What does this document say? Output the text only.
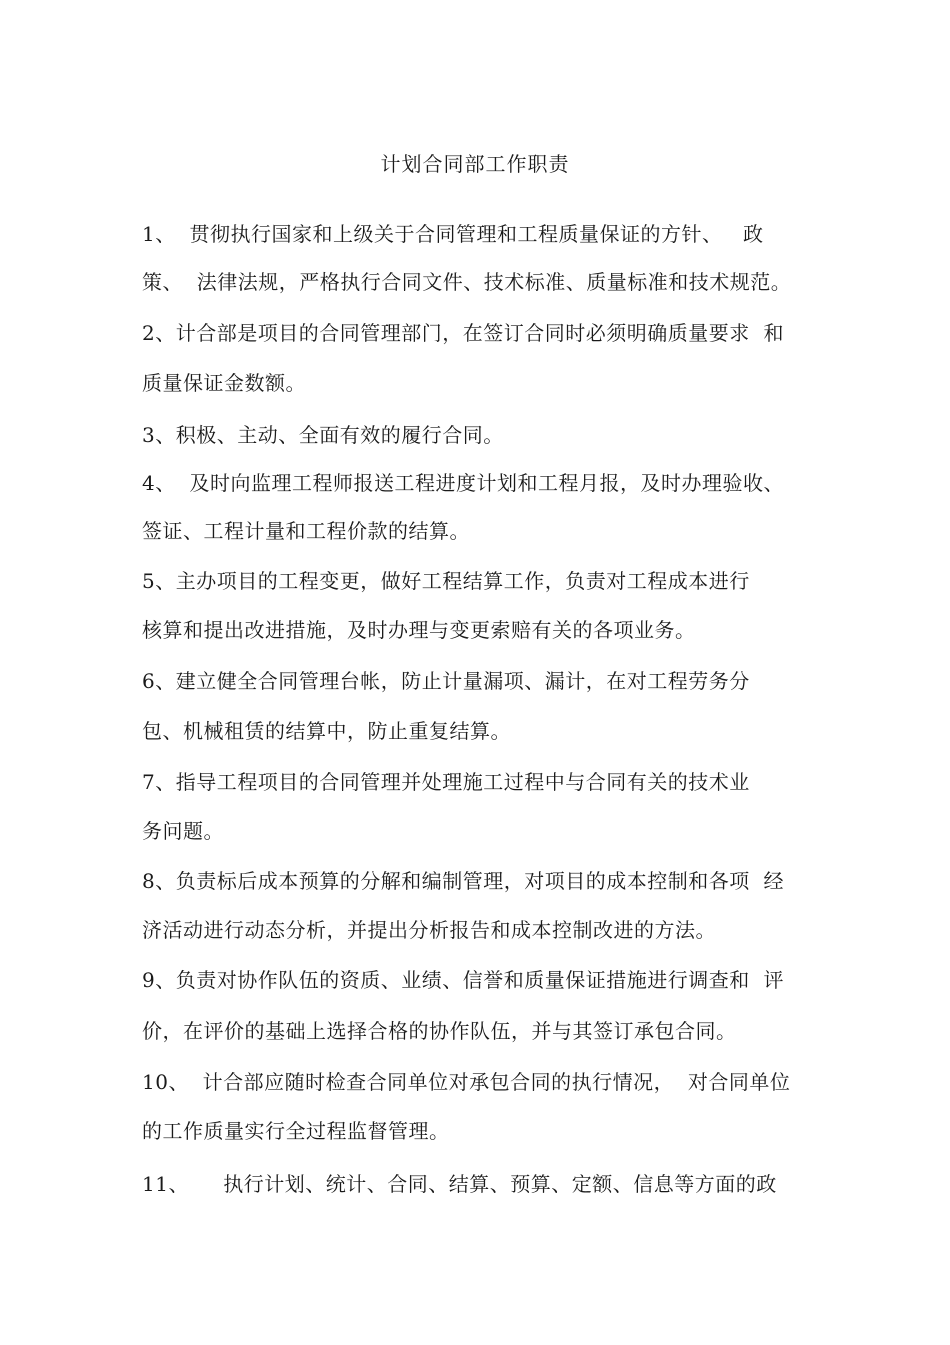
计划合同部工作职责
1、  贯彻执行国家和上级关于合同管理和工程质量保证的方针、   政
策、  法律法规，严格执行合同文件、技术标准、质量标准和技术规范。
2、计合部是项目的合同管理部门，在签订合同时必须明确质量要求  和
质量保证金数额。
3、积极、主动、全面有效的履行合同。
4、  及时向监理工程师报送工程进度计划和工程月报，及时办理验收、
签证、工程计量和工程价款的结算。
5、主办项目的工程变更，做好工程结算工作，负责对工程成本进行
核算和提出改进措施，及时办理与变更索赔有关的各项业务。
6、建立健全合同管理台帐，防止计量漏项、漏计，在对工程劳务分
包、机械租赁的结算中，防止重复结算。
7、指导工程项目的合同管理并处理施工过程中与合同有关的技术业
务问题。
8、负责标后成本预算的分解和编制管理，对项目的成本控制和各项  经
济活动进行动态分析，并提出分析报告和成本控制改进的方法。
9、负责对协作队伍的资质、业绩、信誉和质量保证措施进行调查和  评
价，在评价的基础上选择合格的协作队伍，并与其签订承包合同。
10、  计合部应随时检查合同单位对承包合同的执行情况，  对合同单位
的工作质量实行全过程监督管理。
11、     执行计划、统计、合同、结算、预算、定额、信息等方面的政
